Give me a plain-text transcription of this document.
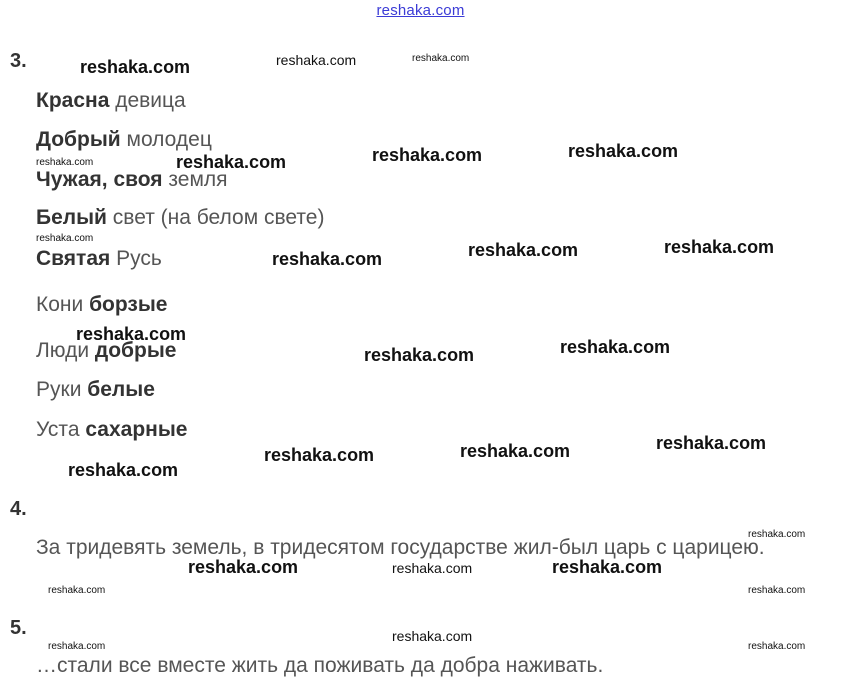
reshaka.com
3.
Красна девица
Добрый молодец
Чужая, своя земля
Белый свет (на белом свете)
Святая Русь
Кони борзые
Люди добрые
Руки белые
Уста сахарные
4.
За тридевять земель, в тридесятом государстве жил-был царь с царицею.
5.
…стали все вместе жить да поживать да добра наживать.
reshaka.com	reshaka.com	reshaka.com
reshaka.com	reshaka.com	reshaka.com	reshaka.com
reshaka.com
reshaka.com	reshaka.com	reshaka.com
reshaka.com
reshaka.com	reshaka.com
reshaka.com
reshaka.com	reshaka.com	reshaka.com
reshaka.com
reshaka.com	reshaka.com	reshaka.com
reshaka.com	reshaka.com
reshaka.com
reshaka.com	reshaka.com
